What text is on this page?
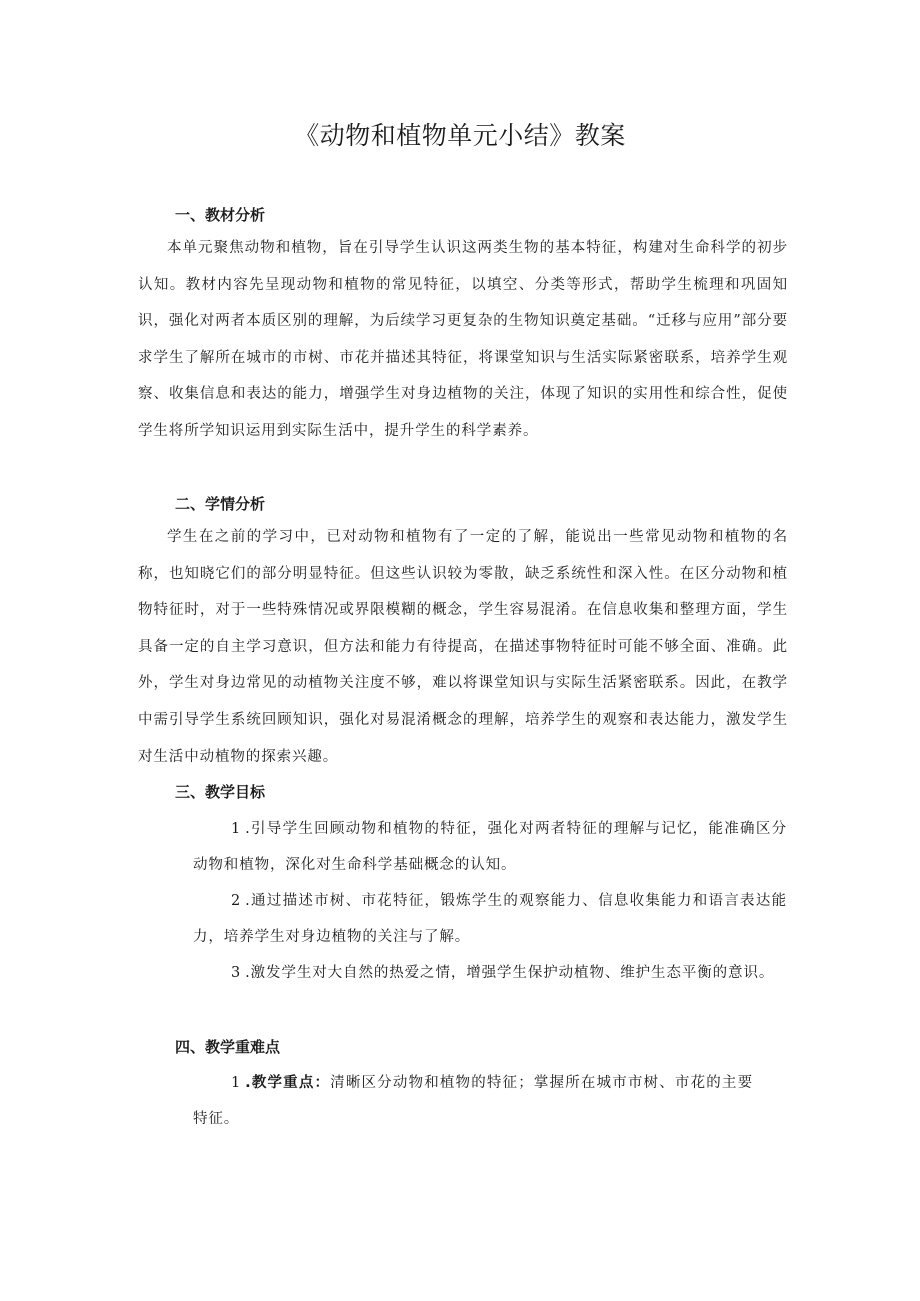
《动物和植物单元小结》教案
一、教材分析

本单元聚焦动物和植物，旨在引导学生认识这两类生物的基本特征，构建对生命科学的初步认知。教材内容先呈现动物和植物的常见特征，以填空、分类等形式，帮助学生梳理和巩固知识，强化对两者本质区别的理解，为后续学习更复杂的生物知识奠定基础。“迁移与应用”部分要求学生了解所在城市的市树、市花并描述其特征，将课堂知识与生活实际紧密联系，培养学生观察、收集信息和表达的能力，增强学生对身边植物的关注，体现了知识的实用性和综合性，促使学生将所学知识运用到实际生活中，提升学生的科学素养。

二、学情分析

学生在之前的学习中，已对动物和植物有了一定的了解，能说出一些常见动物和植物的名称，也知晓它们的部分明显特征。但这些认识较为零散，缺乏系统性和深入性。在区分动物和植物特征时，对于一些特殊情况或界限模糊的概念，学生容易混淆。在信息收集和整理方面，学生具备一定的自主学习意识，但方法和能力有待提高，在描述事物特征时可能不够全面、准确。此外，学生对身边常见的动植物关注度不够，难以将课堂知识与实际生活紧密联系。因此，在教学中需引导学生系统回顾知识，强化对易混淆概念的理解，培养学生的观察和表达能力，激发学生对生活中动植物的探索兴趣。

三、教学目标

1 .引导学生回顾动物和植物的特征，强化对两者特征的理解与记忆，能准确区分动物和植物，深化对生命科学基础概念的认知。

2 .通过描述市树、市花特征，锻炼学生的观察能力、信息收集能力和语言表达能力，培养学生对身边植物的关注与了解。

3 .激发学生对大自然的热爱之情，增强学生保护动植物、维护生态平衡的意识。

四、教学重难点

1 .教学重点：清晰区分动物和植物的特征；掌握所在城市市树、市花的主要特征。
